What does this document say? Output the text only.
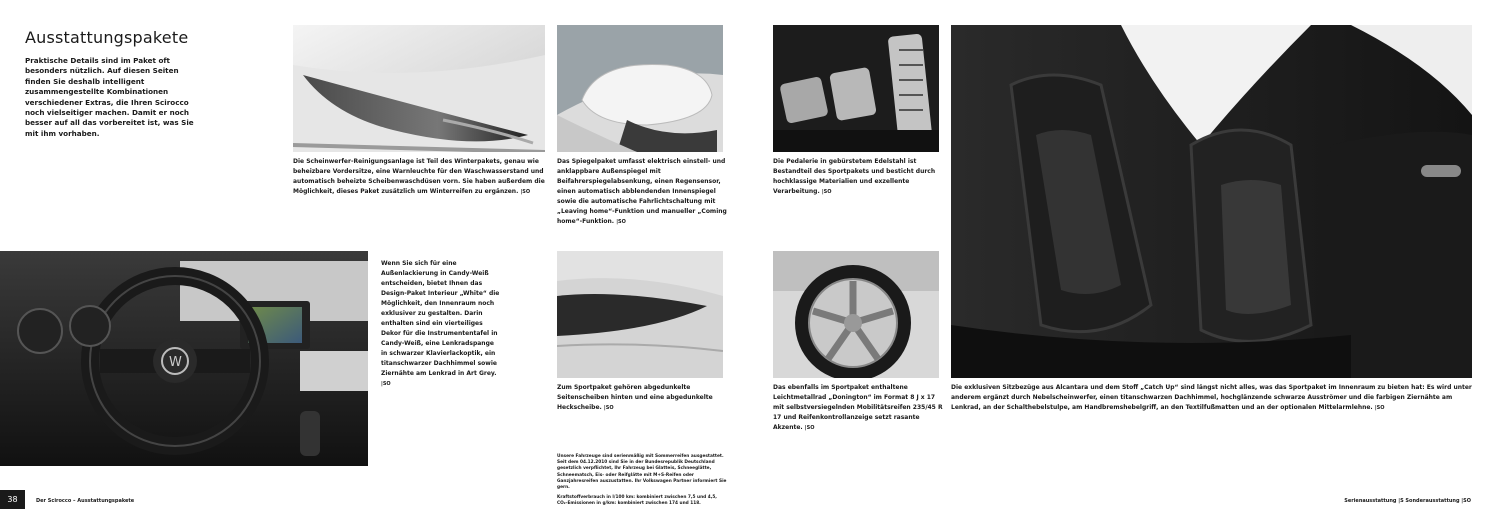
Ausstattungspakete
Praktische Details sind im Paket oft besonders nützlich. Auf diesen Seiten finden Sie deshalb intelligent zusammengestellte Kombinationen verschiedener Extras, die Ihren Scirocco noch vielseitiger machen. Damit er noch besser auf all das vorbereitet ist, was Sie mit ihm vorhaben.
Die Scheinwerfer-Reinigungsanlage ist Teil des Winterpakets, genau wie beheizbare Vordersitze, eine Warnleuchte für den Waschwasserstand und automatisch beheizte Scheibenwaschdüsen vorn. Sie haben außerdem die Möglichkeit, dieses Paket zusätzlich um Winterreifen zu ergänzen. |SO
W
Wenn Sie sich für eine Außenlackierung in Candy-Weiß entscheiden, bietet Ihnen das Design-Paket Interieur „White“ die Möglichkeit, den Innenraum noch exklusiver zu gestalten. Darin enthalten sind ein vierteiliges Dekor für die Instrumententafel in Candy-Weiß, eine Lenkradspange in schwarzer Klavierlackoptik, ein titanschwarzer Dachhimmel sowie Ziernähte am Lenkrad in Art Grey. |SO
38	Der Scirocco – Ausstattungspakete
Das Spiegelpaket umfasst elektrisch einstell- und anklappbare Außenspiegel mit Beifahrerspiegelabsenkung, einen Regensensor, einen automatisch abblendenden Innenspiegel sowie die automatische Fahrlichtschaltung mit „Leaving home“-Funktion und manueller „Coming home“-Funktion. |SO
Die Pedalerie in gebürstetem Edelstahl ist Bestandteil des Sportpakets und besticht durch hochklassige Materialien und exzellente Verarbeitung. |SO
Zum Sportpaket gehören abgedunkelte Seitenscheiben hinten und eine abgedunkelte Heckscheibe. |SO
Das ebenfalls im Sportpaket enthaltene Leichtmetallrad „Donington“ im Format 8 J x 17 mit selbstversiegelnden Mobilitätsreifen 235/45 R 17 und Reifenkontrollanzeige setzt rasante Akzente. |SO
Die exklusiven Sitzbezüge aus Alcantara und dem Stoff „Catch Up“ sind längst nicht alles, was das Sportpaket im Innenraum zu bieten hat: Es wird unter anderem ergänzt durch Nebelscheinwerfer, einen titanschwarzen Dachhimmel, hochglänzende schwarze Ausströmer und die farbigen Ziernähte am Lenkrad, an der Schalthebelstulpe, am Handbremshebelgriff, an den Textilfußmatten und an der optionalen Mittelarmlehne. |SO

Unsere Fahrzeuge sind serienmäßig mit Sommerreifen ausgestattet. Seit dem 04.12.2010 sind Sie in der Bundesrepublik Deutschland gesetzlich verpflichtet, Ihr Fahrzeug bei Glatteis, Schneeglätte, Schneematsch, Eis- oder Reifglätte mit M+S-Reifen oder Ganzjahresreifen auszustatten. Ihr Volkswagen Partner informiert Sie gern.

Kraftstoffverbrauch in l/100 km: kombiniert zwischen 7,5 und 4,5, CO₂-Emissionen in g/km: kombiniert zwischen 174 und 118.	Serienausstattung |S Sonderausstattung |SO
